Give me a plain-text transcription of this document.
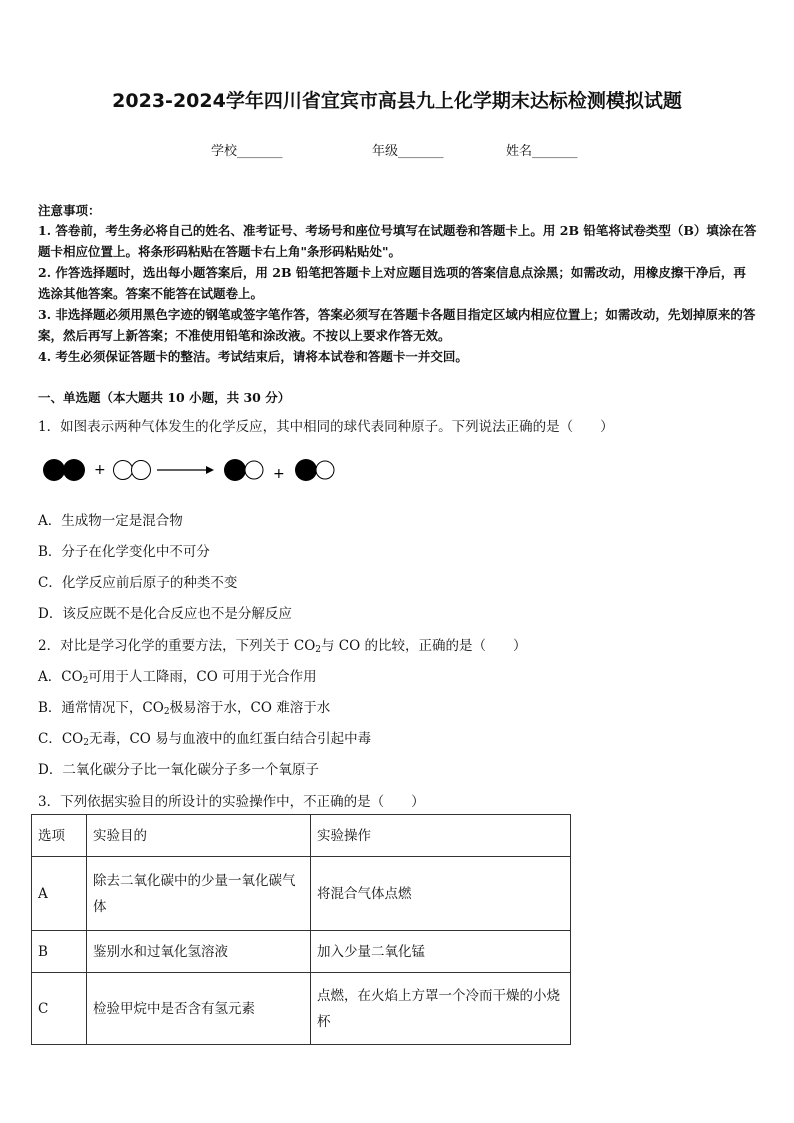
2023-2024学年四川省宜宾市高县九上化学期末达标检测模拟试题
学校_______	年级_______	姓名_______
注意事项：
1. 答卷前，考生务必将自己的姓名、准考证号、考场号和座位号填写在试题卷和答题卡上。用 2B 铅笔将试卷类型（B）填涂在答题卡相应位置上。将条形码粘贴在答题卡右上角"条形码粘贴处"。
2. 作答选择题时，选出每小题答案后，用 2B 铅笔把答题卡上对应题目选项的答案信息点涂黑；如需改动，用橡皮擦干净后，再选涂其他答案。答案不能答在试题卷上。
3. 非选择题必须用黑色字迹的钢笔或签字笔作答，答案必须写在答题卡各题目指定区域内相应位置上；如需改动，先划掉原来的答案，然后再写上新答案；不准使用铅笔和涂改液。不按以上要求作答无效。
4. 考生必须保证答题卡的整洁。考试结束后，请将本试卷和答题卡一并交回。
一、单选题（本大题共 10 小题，共 30 分）
1．如图表示两种气体发生的化学反应，其中相同的球代表同种原子。下列说法正确的是（　　）
+	+
A．生成物一定是混合物
B．分子在化学变化中不可分
C．化学反应前后原子的种类不变
D．该反应既不是化合反应也不是分解反应
2．对比是学习化学的重要方法，下列关于 $CO_2$与 CO 的比较，正确的是（　　）
A．$CO_2$可用于人工降雨，CO 可用于光合作用
B．通常情况下，$CO_2$极易溶于水，CO 难溶于水
C．$CO_2$无毒，CO 易与血液中的血红蛋白结合引起中毒
D．二氧化碳分子比一氧化碳分子多一个氧原子
3．下列依据实验目的所设计的实验操作中，不正确的是（　　）
选项	实验目的	实验操作
A	除去二氧化碳中的少量一氧化碳气体	将混合气体点燃
B	鉴别水和过氧化氢溶液	加入少量二氧化锰
C	检验甲烷中是否含有氢元素	点燃，在火焰上方罩一个冷而干燥的小烧杯
